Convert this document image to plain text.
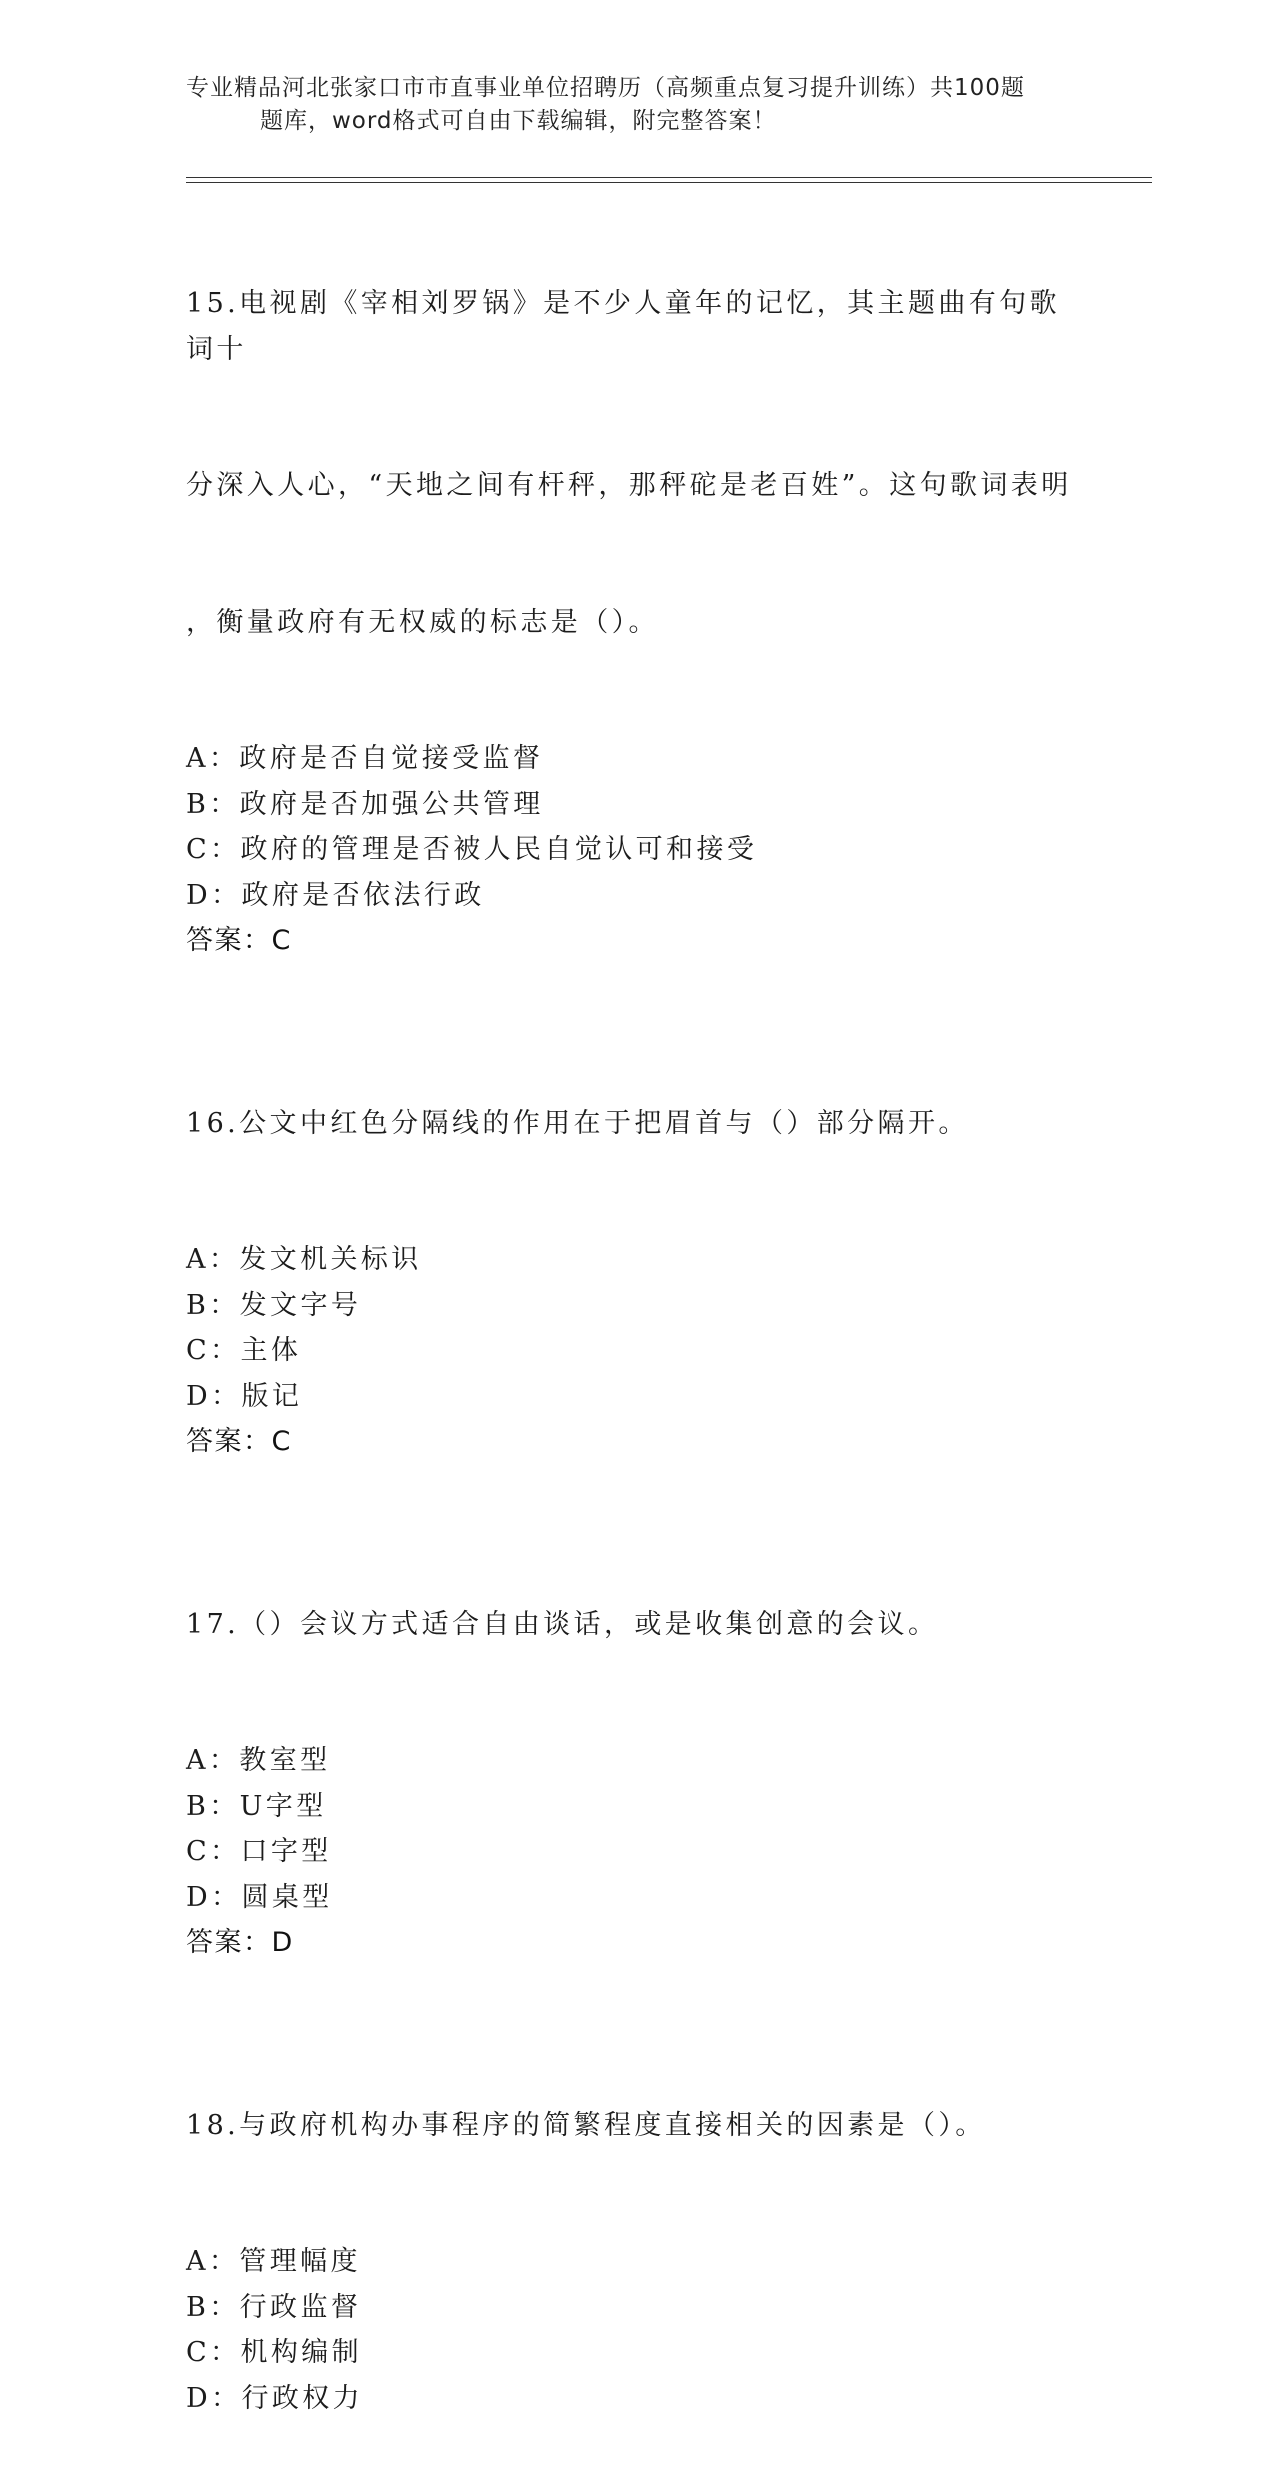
专业精品河北张家口市市直事业单位招聘历（高频重点复习提升训练）共100题
题库，word格式可自由下载编辑，附完整答案！

15.电视剧《宰相刘罗锅》是不少人童年的记忆，其主题曲有句歌词十

分深入人心，“天地之间有杆秤，那秤砣是老百姓”。这句歌词表明

，衡量政府有无权威的标志是（）。

A：政府是否自觉接受监督
B：政府是否加强公共管理
C：政府的管理是否被人民自觉认可和接受
D：政府是否依法行政
答案：C

16.公文中红色分隔线的作用在于把眉首与（）部分隔开。

A：发文机关标识
B：发文字号
C：主体
D：版记
答案：C

17.（）会议方式适合自由谈话，或是收集创意的会议。

A：教室型
B：U字型
C：口字型
D：圆桌型
答案：D

18.与政府机构办事程序的简繁程度直接相关的因素是（）。

A：管理幅度
B：行政监督
C：机构编制
D：行政权力
